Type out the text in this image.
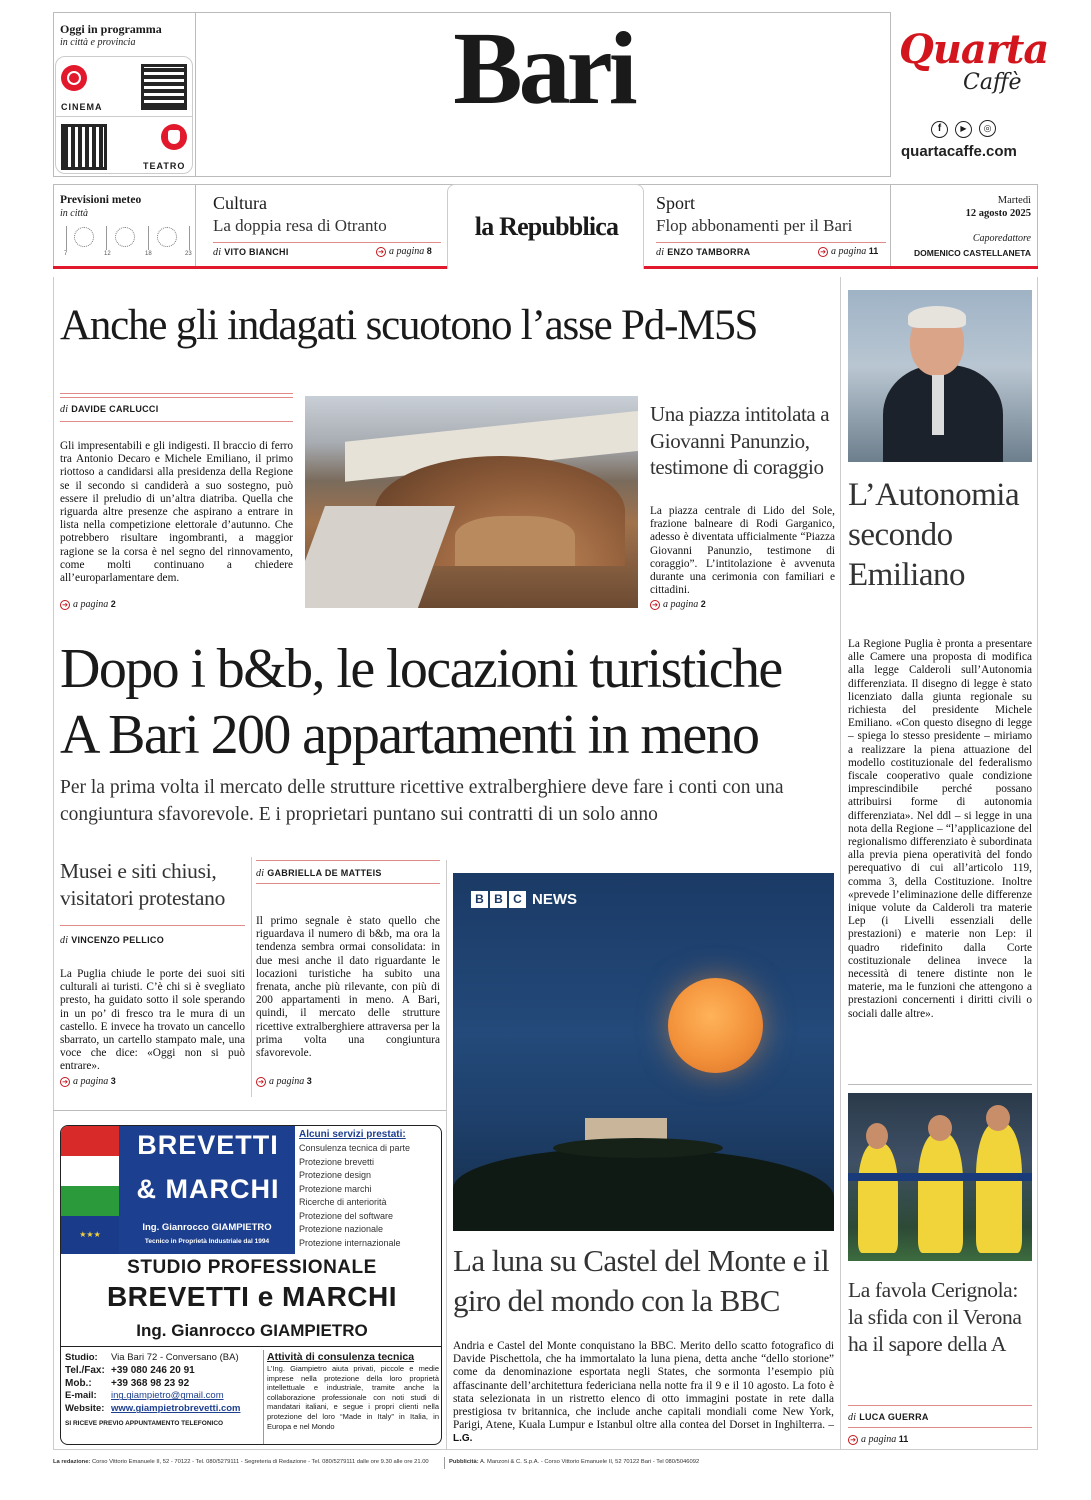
Oggi in programma
in città e provincia
CINEMA
TEATRO
Bari	Quarta
Caffè
f ▶ ◎
quartacaffe.com
Previsioni meteo
in città
7	12	18	23
Cultura
La doppia resa di Otranto
di VITO BIANCHI	➔ a pagina 8
la Repubblica
Sport
Flop abbonamenti per il Bari
di ENZO TAMBORRA	➔ a pagina 11
Martedì
12 agosto 2025
Caporedattore
DOMENICO CASTELLANETA
Anche gli indagati scuotono l’asse Pd-M5S
di DAVIDE CARLUCCI
Gli impresentabili e gli indigesti. Il braccio di ferro tra Antonio Decaro e Michele Emiliano, il primo riottoso a candidarsi alla presidenza della Regione se il secondo si candiderà a suo sostegno, può essere il preludio di un’altra diatriba. Quella che riguarda altre presenze che aspirano a entrare in lista nella competizione elettorale d’autunno. Che potrebbero risultare ingombranti, a maggior ragione se la corsa è nel segno del rinnovamento, come molti continuano a chiedere all’europarlamentare dem.
➔ a pagina 2
Una piazza intitolata a Giovanni Panunzio, testimone di coraggio
La piazza centrale di Lido del Sole, frazione balneare di Rodi Garganico, adesso è diventata ufficialmente “Piazza Giovanni Panunzio, testimone di coraggio”. L’intitolazione è avvenuta durante una cerimonia con familiari e cittadini.
➔ a pagina 2
L’Autonomia secondo Emiliano
La Regione Puglia è pronta a presentare alle Camere una proposta di modifica alla legge Calderoli sull’Autonomia differenziata. Il disegno di legge è stato licenziato dalla giunta regionale su richiesta del presidente Michele Emiliano. «Con questo disegno di legge – spiega lo stesso presidente – miriamo a realizzare la piena attuazione del modello costituzionale del federalismo fiscale cooperativo quale condizione imprescindibile perché possano attribuirsi forme di autonomia differenziata». Nel ddl – si legge in una nota della Regione – “l’applicazione del regionalismo differenziato è subordinata alla previa piena operatività del fondo perequativo di cui all’articolo 119, comma 3, della Costituzione. Inoltre «prevede l’eliminazione delle differenze inique volute da Calderoli tra materie Lep (i Livelli essenziali delle prestazioni) e materie non Lep: il quadro ridefinito dalla Corte costituzionale delinea invece la necessità di tenere distinte non le materie, ma le funzioni che attengono a prestazioni concernenti i diritti civili o sociali dalle altre».
Dopo i b&b, le locazioni turistiche
A Bari 200 appartamenti in meno
Per la prima volta il mercato delle strutture ricettive extralberghiere deve fare i conti con una congiuntura sfavorevole. E i proprietari puntano sui contratti di un solo anno
Musei e siti chiusi, visitatori protestano
di VINCENZO PELLICO
La Puglia chiude le porte dei suoi siti culturali ai turisti. C’è chi si è svegliato presto, ha guidato sotto il sole sperando in un po’ di fresco tra le mura di un castello. E invece ha trovato un cancello sbarrato, un cartello stampato male, una voce che dice: «Oggi non si può entrare».
➔ a pagina 3
di GABRIELLA DE MATTEIS
Il primo segnale è stato quello che riguardava il numero di b&b, ma ora la tendenza sembra ormai consolidata: in due mesi anche il dato riguardante le locazioni turistiche ha subito una frenata, anche più rilevante, con più di 200 appartamenti in meno. A Bari, quindi, il mercato delle strutture ricettive extralberghiere attraversa per la prima volta una congiuntura sfavorevole.
➔ a pagina 3
B B C NEWS
La luna su Castel del Monte e il giro del mondo con la BBC
Andria e Castel del Monte conquistano la BBC. Merito dello scatto fotografico di Davide Pischettola, che ha immortalato la luna piena, detta anche “dello storione” come da denominazione esportata negli States, che sormonta l’esempio più affascinante dell’architettura federiciana nella notte fra il 9 e il 10 agosto. La foto è stata selezionata in un ristretto elenco di otto immagini postate in rete dalla prestigiosa tv britannica, che include anche capitali mondiali come New York, Parigi, Atene, Kuala Lumpur e Istanbul oltre alla contea del Dorset in Inghilterra. – L.G.
La favola Cerignola: la sfida con il Verona ha il sapore della A
di LUCA GUERRA
➔ a pagina 11
★★★
BREVETTI
& MARCHI
Ing. Gianrocco GIAMPIETRO
Tecnico in Proprietà Industriale dal 1994
Alcuni servizi prestati:
Consulenza tecnica di parte
Protezione brevetti
Protezione design
Protezione marchi
Ricerche di anteriorità
Protezione del software
Protezione nazionale
Protezione internazionale
STUDIO PROFESSIONALE
BREVETTI e MARCHI
Ing. Gianrocco GIAMPIETRO
Studio: Via Bari 72 - Conversano (BA)
Tel./Fax: +39 080 246 20 91
Mob.: +39 368 98 23 92
E-mail: ing.giampietro@gmail.com
Website: www.giampietrobrevetti.com
SI RICEVE PREVIO APPUNTAMENTO TELEFONICO
Attività di consulenza tecnica
L’Ing. Giampietro aiuta privati, piccole e medie imprese nella protezione della loro proprietà intellettuale e industriale, tramite anche la collaborazione professionale con noti studi di mandatari italiani, e segue i propri clienti nella protezione del loro “Made in Italy” in Italia, in Europa e nel Mondo
La redazione: Corso Vittorio Emanuele II, 52 - 70122 - Tel. 080/5279111 - Segreteria di Redazione - Tel. 080/5279111 dalle ore 9.30 alle ore 21.00	Pubblicità: A. Manzoni & C. S.p.A. - Corso Vittorio Emanuele II, 52 70122 Bari - Tel 080/5046092
